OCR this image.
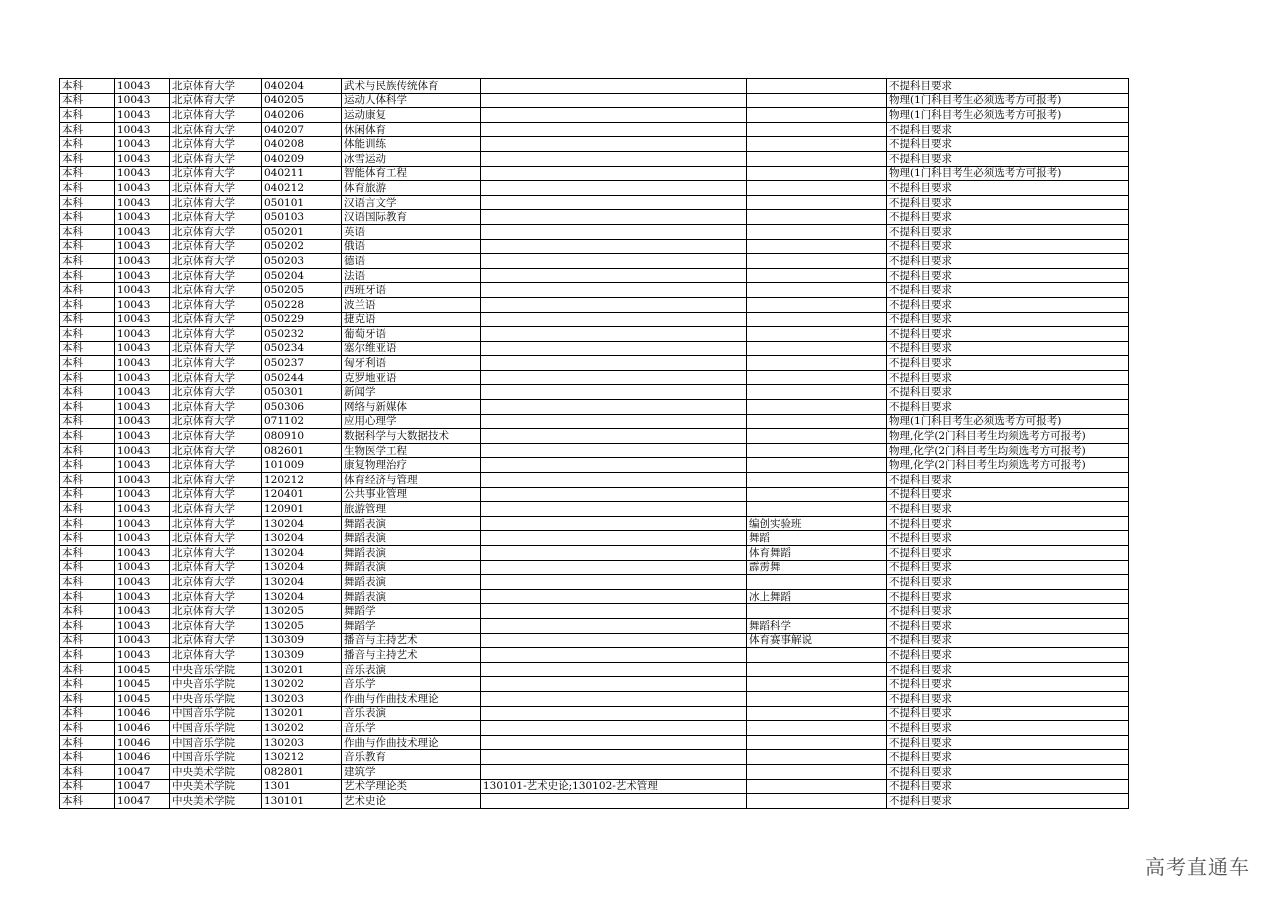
本科	10043	北京体育大学	040204	武术与民族传统体育			不提科目要求
本科	10043	北京体育大学	040205	运动人体科学			物理(1门科目考生必须选考方可报考)
本科	10043	北京体育大学	040206	运动康复			物理(1门科目考生必须选考方可报考)
本科	10043	北京体育大学	040207	休闲体育			不提科目要求
本科	10043	北京体育大学	040208	体能训练			不提科目要求
本科	10043	北京体育大学	040209	冰雪运动			不提科目要求
本科	10043	北京体育大学	040211	智能体育工程			物理(1门科目考生必须选考方可报考)
本科	10043	北京体育大学	040212	体育旅游			不提科目要求
本科	10043	北京体育大学	050101	汉语言文学			不提科目要求
本科	10043	北京体育大学	050103	汉语国际教育			不提科目要求
本科	10043	北京体育大学	050201	英语			不提科目要求
本科	10043	北京体育大学	050202	俄语			不提科目要求
本科	10043	北京体育大学	050203	德语			不提科目要求
本科	10043	北京体育大学	050204	法语			不提科目要求
本科	10043	北京体育大学	050205	西班牙语			不提科目要求
本科	10043	北京体育大学	050228	波兰语			不提科目要求
本科	10043	北京体育大学	050229	捷克语			不提科目要求
本科	10043	北京体育大学	050232	葡萄牙语			不提科目要求
本科	10043	北京体育大学	050234	塞尔维亚语			不提科目要求
本科	10043	北京体育大学	050237	匈牙利语			不提科目要求
本科	10043	北京体育大学	050244	克罗地亚语			不提科目要求
本科	10043	北京体育大学	050301	新闻学			不提科目要求
本科	10043	北京体育大学	050306	网络与新媒体			不提科目要求
本科	10043	北京体育大学	071102	应用心理学			物理(1门科目考生必须选考方可报考)
本科	10043	北京体育大学	080910	数据科学与大数据技术			物理,化学(2门科目考生均须选考方可报考)
本科	10043	北京体育大学	082601	生物医学工程			物理,化学(2门科目考生均须选考方可报考)
本科	10043	北京体育大学	101009	康复物理治疗			物理,化学(2门科目考生均须选考方可报考)
本科	10043	北京体育大学	120212	体育经济与管理			不提科目要求
本科	10043	北京体育大学	120401	公共事业管理			不提科目要求
本科	10043	北京体育大学	120901	旅游管理			不提科目要求
本科	10043	北京体育大学	130204	舞蹈表演		编创实验班	不提科目要求
本科	10043	北京体育大学	130204	舞蹈表演		舞蹈	不提科目要求
本科	10043	北京体育大学	130204	舞蹈表演		体育舞蹈	不提科目要求
本科	10043	北京体育大学	130204	舞蹈表演		霹雳舞	不提科目要求
本科	10043	北京体育大学	130204	舞蹈表演			不提科目要求
本科	10043	北京体育大学	130204	舞蹈表演		冰上舞蹈	不提科目要求
本科	10043	北京体育大学	130205	舞蹈学			不提科目要求
本科	10043	北京体育大学	130205	舞蹈学		舞蹈科学	不提科目要求
本科	10043	北京体育大学	130309	播音与主持艺术		体育赛事解说	不提科目要求
本科	10043	北京体育大学	130309	播音与主持艺术			不提科目要求
本科	10045	中央音乐学院	130201	音乐表演			不提科目要求
本科	10045	中央音乐学院	130202	音乐学			不提科目要求
本科	10045	中央音乐学院	130203	作曲与作曲技术理论			不提科目要求
本科	10046	中国音乐学院	130201	音乐表演			不提科目要求
本科	10046	中国音乐学院	130202	音乐学			不提科目要求
本科	10046	中国音乐学院	130203	作曲与作曲技术理论			不提科目要求
本科	10046	中国音乐学院	130212	音乐教育			不提科目要求
本科	10047	中央美术学院	082801	建筑学			不提科目要求
本科	10047	中央美术学院	1301	艺术学理论类	130101-艺术史论;130102-艺术管理		不提科目要求
本科	10047	中央美术学院	130101	艺术史论			不提科目要求
高考直通车
